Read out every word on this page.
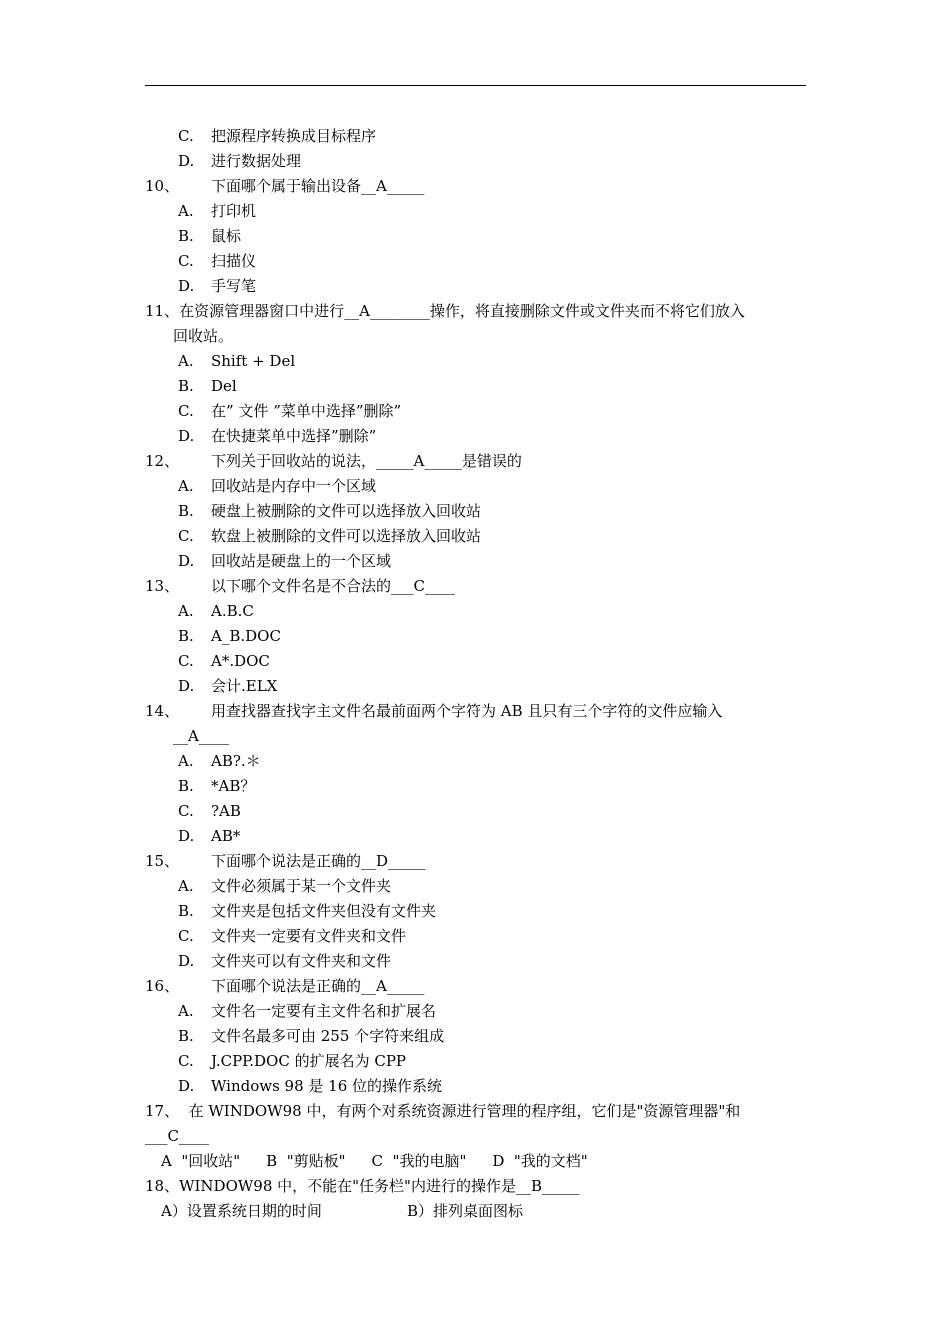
C. 把源程序转换成目标程序
D. 进行数据处理
10、 下面哪个属于输出设备__A_____
A. 打印机
B. 鼠标
C. 扫描仪
D. 手写笔
11、在资源管理器窗口中进行__A________操作，将直接删除文件或文件夹而不将它们放入
回收站。
A. Shift + Del
B. Del
C. 在” 文件 ”菜单中选择”删除”
D. 在快捷菜单中选择”删除”
12、 下列关于回收站的说法，_____A_____是错误的
A. 回收站是内存中一个区域
B. 硬盘上被删除的文件可以选择放入回收站
C. 软盘上被删除的文件可以选择放入回收站
D. 回收站是硬盘上的一个区域
13、 以下哪个文件名是不合法的___C____
A. A.B.C
B. A_B.DOC
C. A*.DOC
D. 会计.ELX
14、 用查找器查找字主文件名最前面两个字符为 AB 且只有三个字符的文件应输入
__A____
A. AB?.＊
B. *AB？
C. ?AB
D. AB*
15、 下面哪个说法是正确的__D_____
A. 文件必须属于某一个文件夹
B. 文件夹是包括文件夹但没有文件夹
C. 文件夹一定要有文件夹和文件
D. 文件夹可以有文件夹和文件
16、 下面哪个说法是正确的__A_____
A. 文件名一定要有主文件名和扩展名
B. 文件名最多可由 255 个字符来组成
C. J.CPP.DOC 的扩展名为 CPP
D. Windows 98 是 16 位的操作系统
17、  在 WINDOW98 中，有两个对系统资源进行管理的程序组，它们是"资源管理器"和
___C____
A  "回收站" B  "剪贴板" C  "我的电脑" D  "我的文档"
18、WINDOW98 中，不能在"任务栏"内进行的操作是__B_____
A）设置系统日期的时间	B）排列桌面图标
